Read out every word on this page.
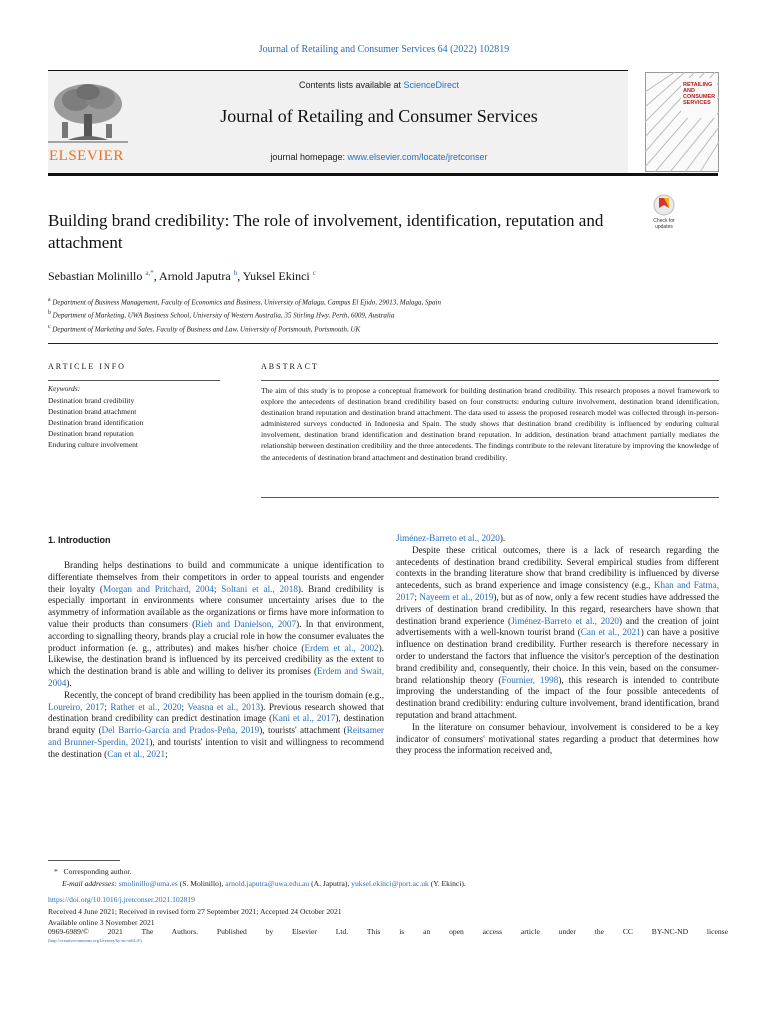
Journal of Retailing and Consumer Services 64 (2022) 102819
ELSEVIER
Contents lists available at ScienceDirect
Journal of Retailing and Consumer Services
journal homepage: www.elsevier.com/locate/jretconser
RETAILING
AND
CONSUMER
SERVICES
Check for
updates
Building brand credibility: The role of involvement, identification, reputation and attachment
Sebastian Molinillo $^{a,*}$, Arnold Japutra $^b$, Yuksel Ekinci $^c$
$^a$ Department of Business Management, Faculty of Economics and Business, University of Malaga, Campus El Ejido, 29013, Malaga, Spain
$^b$ Department of Marketing, UWA Business School, University of Western Australia, 35 Stirling Hwy, Perth, 6009, Australia
$^c$ Department of Marketing and Sales, Faculty of Business and Law, University of Portsmouth, Portsmouth, UK
ARTICLE INFO	ABSTRACT
Keywords:
Destination brand credibility
Destination brand attachment
Destination brand identification
Destination brand reputation
Enduring culture involvement
The aim of this study is to propose a conceptual framework for building destination brand credibility. This research proposes a novel framework to explore the antecedents of destination brand credibility based on four constructs: enduring culture involvement, destination brand identification, destination brand reputation and destination brand attachment. The data used to assess the proposed research model was collected through in-person-administered surveys conducted in Indonesia and Spain. The study shows that destination brand credibility is influenced by enduring cultural involvement, destination brand identification and destination brand reputation. In addition, destination brand attachment partially mediates the relationship between destination credibility and the three antecedents. The findings contribute to the relevant literature by improving the knowledge of the antecedents of destination brand attachment and destination brand credibility.
1. Introduction

Branding helps destinations to build and communicate a unique identification to differentiate themselves from their competitors in order to appeal tourists and engender their loyalty (Morgan and Pritchard, 2004; Soltani et al., 2018). Brand credibility is especially important in environments where consumer uncertainty arises due to the asymmetry of information available as the organizations or firms have more information to value their products than consumers (Rieh and Danielson, 2007). In that environment, according to signalling theory, brands play a crucial role in how the consumer evaluates the product information (e. g., attributes) and makes his/her choice (Erdem et al., 2002). Likewise, the destination brand is influenced by its perceived credibility as the extent to which the destination brand is able and willing to deliver its promises (Erdem and Swait, 2004).

Recently, the concept of brand credibility has been applied in the tourism domain (e.g., Loureiro, 2017; Rather et al., 2020; Veasna et al., 2013). Previous research showed that destination brand credibility can predict destination image (Kani et al., 2017), destination brand equity (Del Barrio-García and Prados-Peña, 2019), tourists' attachment (Reitsamer and Brunner-Sperdin, 2021), and tourists' intention to visit and willingness to recommend the destination (Can et al., 2021;

Jiménez-Barreto et al., 2020).

Despite these critical outcomes, there is a lack of research regarding the antecedents of destination brand credibility. Several empirical studies from different contexts in the branding literature show that brand credibility is influenced by diverse antecedents, such as brand experience and image consistency (e.g., Khan and Fatma, 2017; Nayeem et al., 2019), but as of now, only a few recent studies have addressed the drivers of destination brand credibility. In this regard, researchers have shown that destination brand experience (Jiménez-Barreto et al., 2020) and the creation of joint advertisements with a well-known tourist brand (Can et al., 2021) can have a positive influence on destination brand credibility. Further research is therefore necessary in order to understand the factors that influence the visitor's perception of the destination brand credibility and, consequently, their choice. In this vein, based on the consumer-brand relationship theory (Fournier, 1998), this research is intended to contribute improving the understanding of the impact of the four possible antecedents of destination brand credibility: enduring culture involvement, brand identification, brand reputation and brand attachment.

In the literature on consumer behaviour, involvement is considered to be a key indicator of consumers' motivational states regarding a product that determines how they process the information received and,

* Corresponding author.
E-mail addresses: smolinillo@uma.es (S. Molinillo), arnold.japutra@uwa.edu.au (A. Japutra), yuksel.ekinci@port.ac.uk (Y. Ekinci).
https://doi.org/10.1016/j.jretconser.2021.102819
Received 4 June 2021; Received in revised form 27 September 2021; Accepted 24 October 2021
Available online 3 November 2021
0969-6989/© 2021 The Authors. Published by Elsevier Ltd. This is an open access article under the CC BY-NC-ND license
(http://creativecommons.org/licenses/by-nc-nd/4.0/).
